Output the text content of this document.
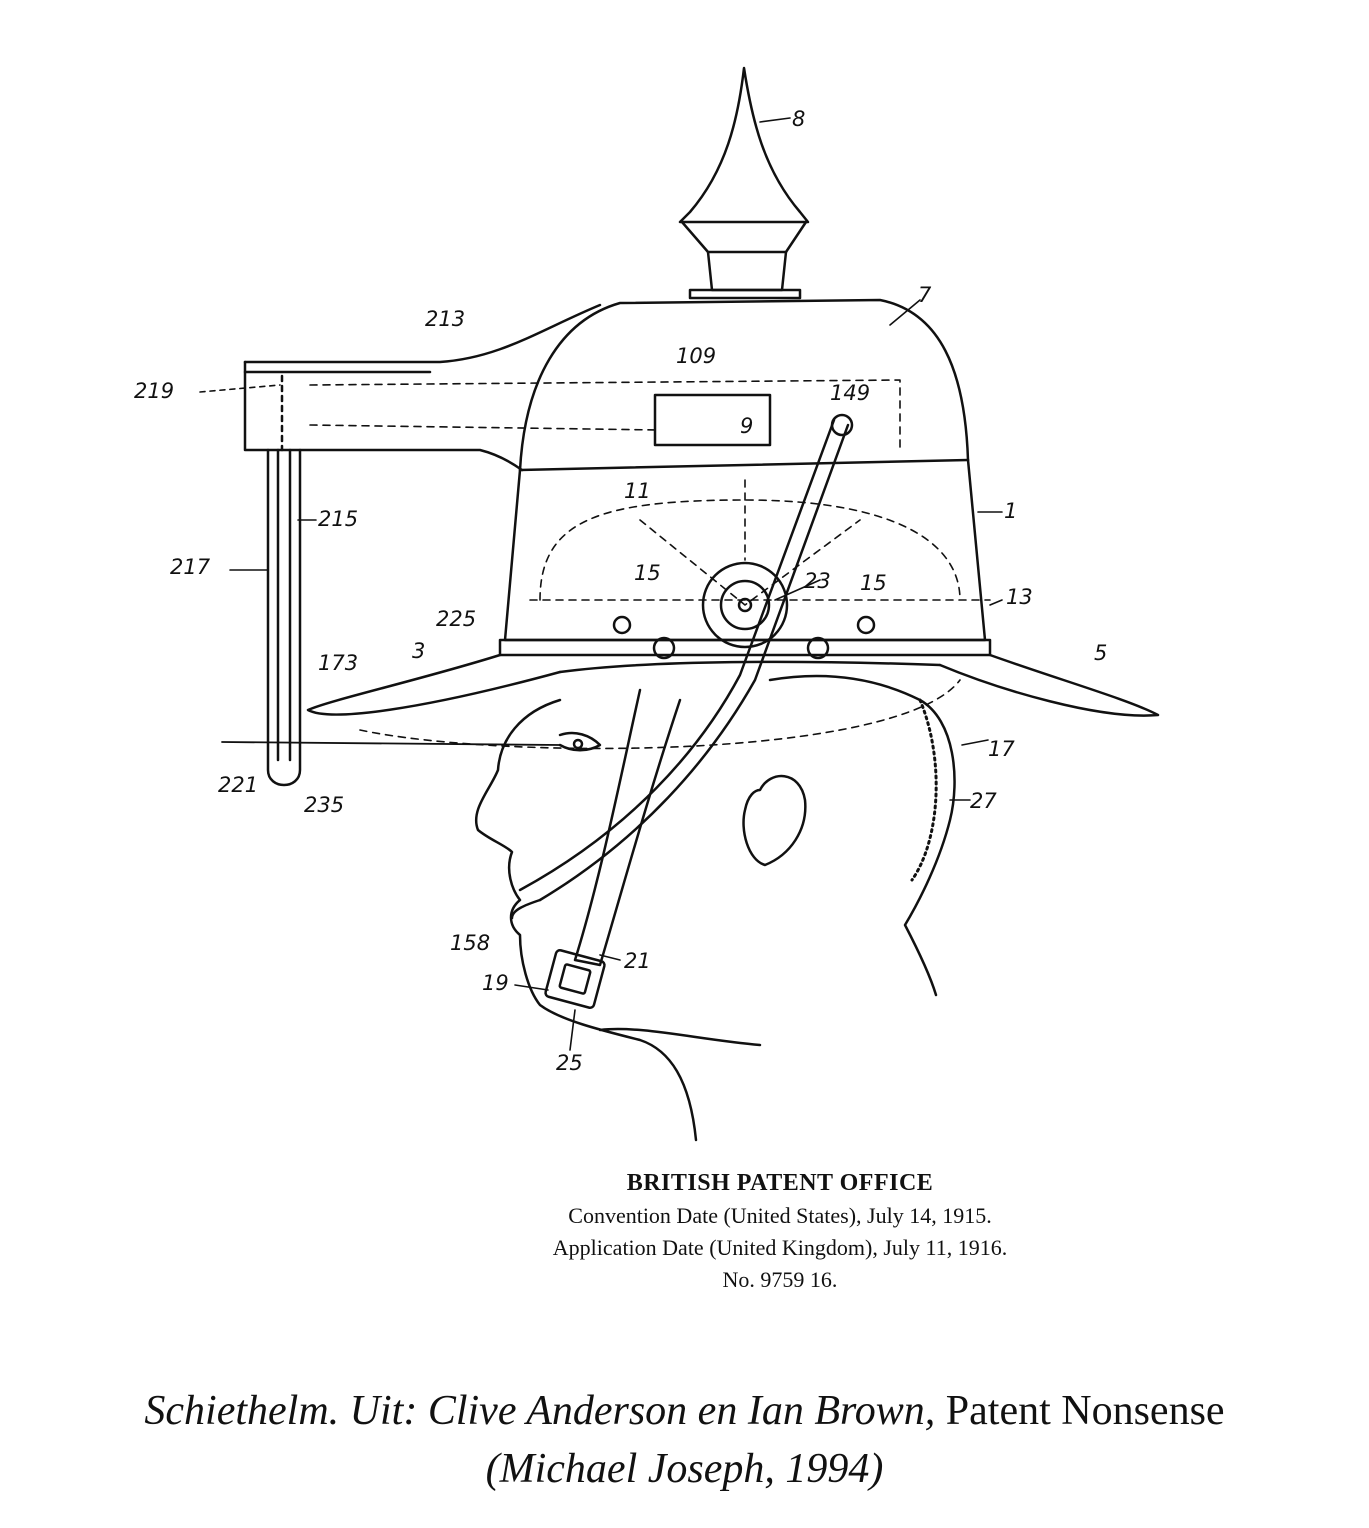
8
7
213
109
219	149
9
11
1
215
217	15	23 15
13
225
3	5
173
17
221
27
235
158
21
19
25
BRITISH PATENT OFFICE
Convention Date (United States), July 14, 1915.
Application Date (United Kingdom), July 11, 1916.
No. 9759 16.
Schiethelm. Uit: Clive Anderson en Ian Brown, Patent Nonsense
(Michael Joseph, 1994)
